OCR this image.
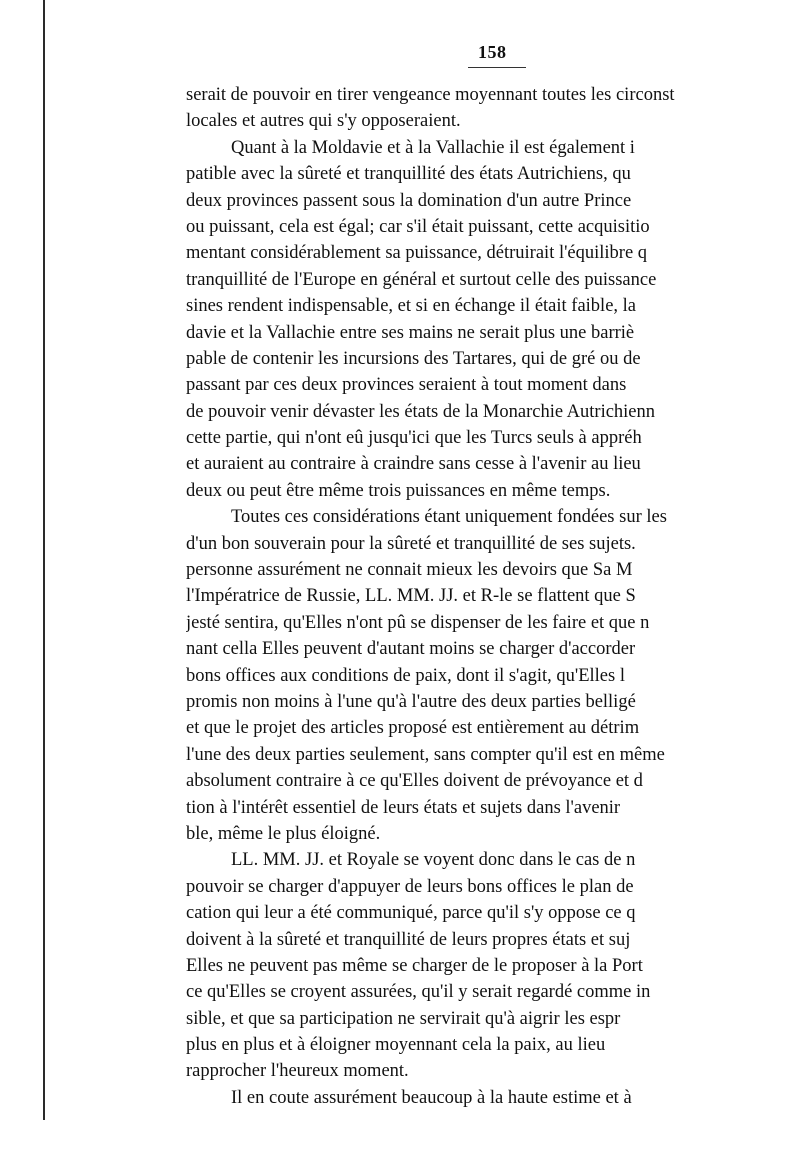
158
serait de pouvoir en tirer vengeance moyennant toutes les circonst
locales et autres qui s'y opposeraient.
Quant à la Moldavie et à la Vallachie il est également i
patible avec la sûreté et tranquillité des états Autrichiens, qu
deux provinces passent sous la domination d'un autre Prince
ou puissant, cela est égal; car s'il était puissant, cette acquisitio
mentant considérablement sa puissance, détruirait l'équilibre q
tranquillité de l'Europe en général et surtout celle des puissance
sines rendent indispensable, et si en échange il était faible, la
davie et la Vallachie entre ses mains ne serait plus une barriè
pable de contenir les incursions des Tartares, qui de gré ou de
passant par ces deux provinces seraient à tout moment dans
de pouvoir venir dévaster les états de la Monarchie Autrichienn
cette partie, qui n'ont eû jusqu'ici que les Turcs seuls à appréh
et auraient au contraire à craindre sans cesse à l'avenir au lieu
deux ou peut être même trois puissances en même temps.
Toutes ces considérations étant uniquement fondées sur les
d'un bon souverain pour la sûreté et tranquillité de ses sujets.
personne assurément ne connait mieux les devoirs que Sa M
l'Impératrice de Russie, LL. MM. JJ. et R-le se flattent que S
jesté sentira, qu'Elles n'ont pû se dispenser de les faire et que n
nant cella Elles peuvent d'autant moins se charger d'accorder
bons offices aux conditions de paix, dont il s'agit, qu'Elles l
promis non moins à l'une qu'à l'autre des deux parties belligé
et que le projet des articles proposé est entièrement au détrim
l'une des deux parties seulement, sans compter qu'il est en même
absolument contraire à ce qu'Elles doivent de prévoyance et d
tion à l'intérêt essentiel de leurs états et sujets dans l'avenir
ble, même le plus éloigné.
LL. MM. JJ. et Royale se voyent donc dans le cas de n
pouvoir se charger d'appuyer de leurs bons offices le plan de
cation qui leur a été communiqué, parce qu'il s'y oppose ce q
doivent à la sûreté et tranquillité de leurs propres états et suj
Elles ne peuvent pas même se charger de le proposer à la Port
ce qu'Elles se croyent assurées, qu'il y serait regardé comme in
sible, et que sa participation ne servirait qu'à aigrir les espr
plus en plus et à éloigner moyennant cela la paix, au lieu
rapprocher l'heureux moment.
Il en coute assurément beaucoup à la haute estime et à
